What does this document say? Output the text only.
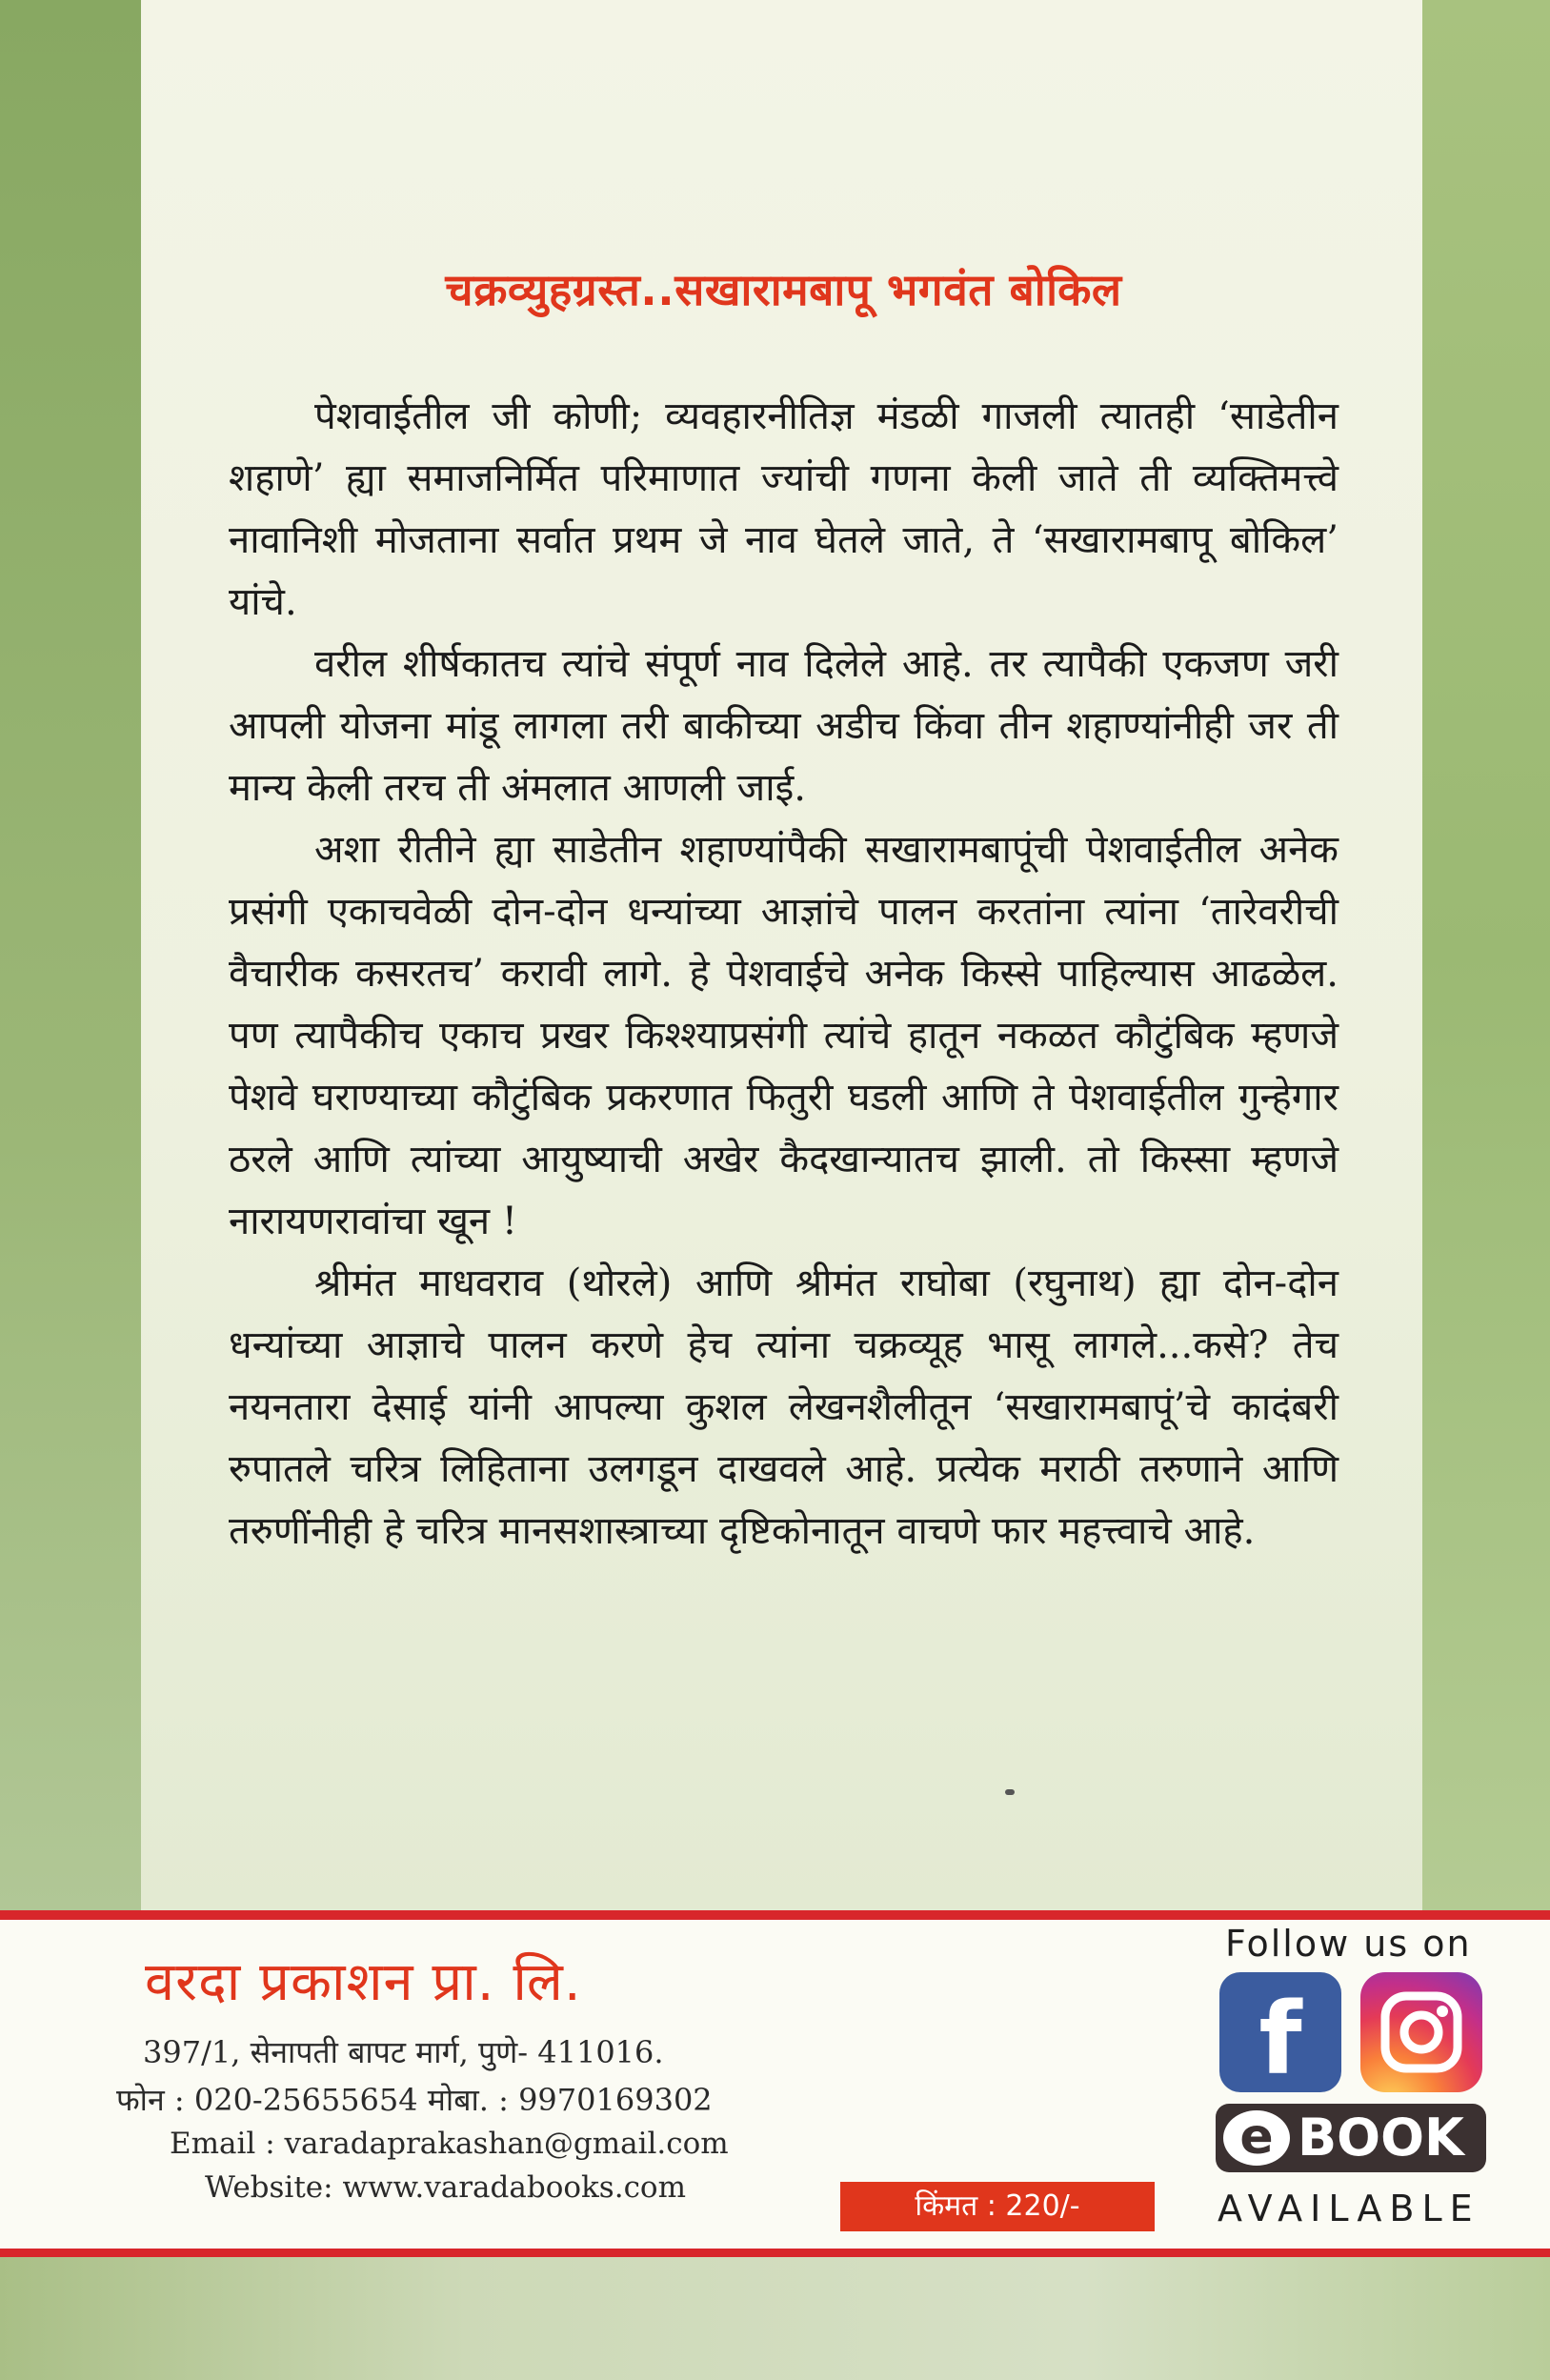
चक्रव्युहग्रस्त..सखारामबापू भगवंत बोकिल

पेशवाईतील जी कोणी; व्यवहारनीतिज्ञ मंडळी गाजली त्यातही ‘साडेतीन शहाणे’ ह्या समाजनिर्मित परिमाणात ज्यांची गणना केली जाते ती व्यक्तिमत्त्वे नावानिशी मोजताना सर्वात प्रथम जे नाव घेतले जाते, ते ‘सखारामबापू बोकिल’ यांचे.

वरील शीर्षकातच त्यांचे संपूर्ण नाव दिलेले आहे. तर त्यापैकी एकजण जरी आपली योजना मांडू लागला तरी बाकीच्या अडीच किंवा तीन शहाण्यांनीही जर ती मान्य केली तरच ती अंमलात आणली जाई.

अशा रीतीने ह्या साडेतीन शहाण्यांपैकी सखारामबापूंची पेशवाईतील अनेक प्रसंगी एकाचवेळी दोन-दोन धन्यांच्या आज्ञांचे पालन करतांना त्यांना ‘तारेवरीची वैचारीक कसरतच’ करावी लागे. हे पेशवाईचे अनेक किस्से पाहिल्यास आढळेल. पण त्यापैकीच एकाच प्रखर किश्श्याप्रसंगी त्यांचे हातून नकळत कौटुंबिक म्हणजे पेशवे घराण्याच्या कौटुंबिक प्रकरणात फितुरी घडली आणि ते पेशवाईतील गुन्हेगार ठरले आणि त्यांच्या आयुष्याची अखेर कैदखान्यातच झाली. तो किस्सा म्हणजे नारायणरावांचा खून !

श्रीमंत माधवराव (थोरले) आणि श्रीमंत राघोबा (रघुनाथ) ह्या दोन-दोन धन्यांच्या आज्ञाचे पालन करणे हेच त्यांना चक्रव्यूह भासू लागले...कसे? तेच नयनतारा देसाई यांनी आपल्या कुशल लेखनशैलीतून ‘सखारामबापूं’चे कादंबरी रुपातले चरित्र लिहिताना उलगडून दाखवले आहे. प्रत्येक मराठी तरुणाने आणि तरुणींनीही हे चरित्र मानसशास्त्राच्या दृष्टिकोनातून वाचणे फार महत्त्वाचे आहे.

वरदा प्रकाशन प्रा. लि.
397/1, सेनापती बापट मार्ग, पुणे- 411016.
फोन : 020-25655654 मोबा. : 9970169302
Email : varadaprakashan@gmail.com
Website: www.varadabooks.com
किंमत : 220/-
Follow us on
f
e BOOK
AVAILABLE
